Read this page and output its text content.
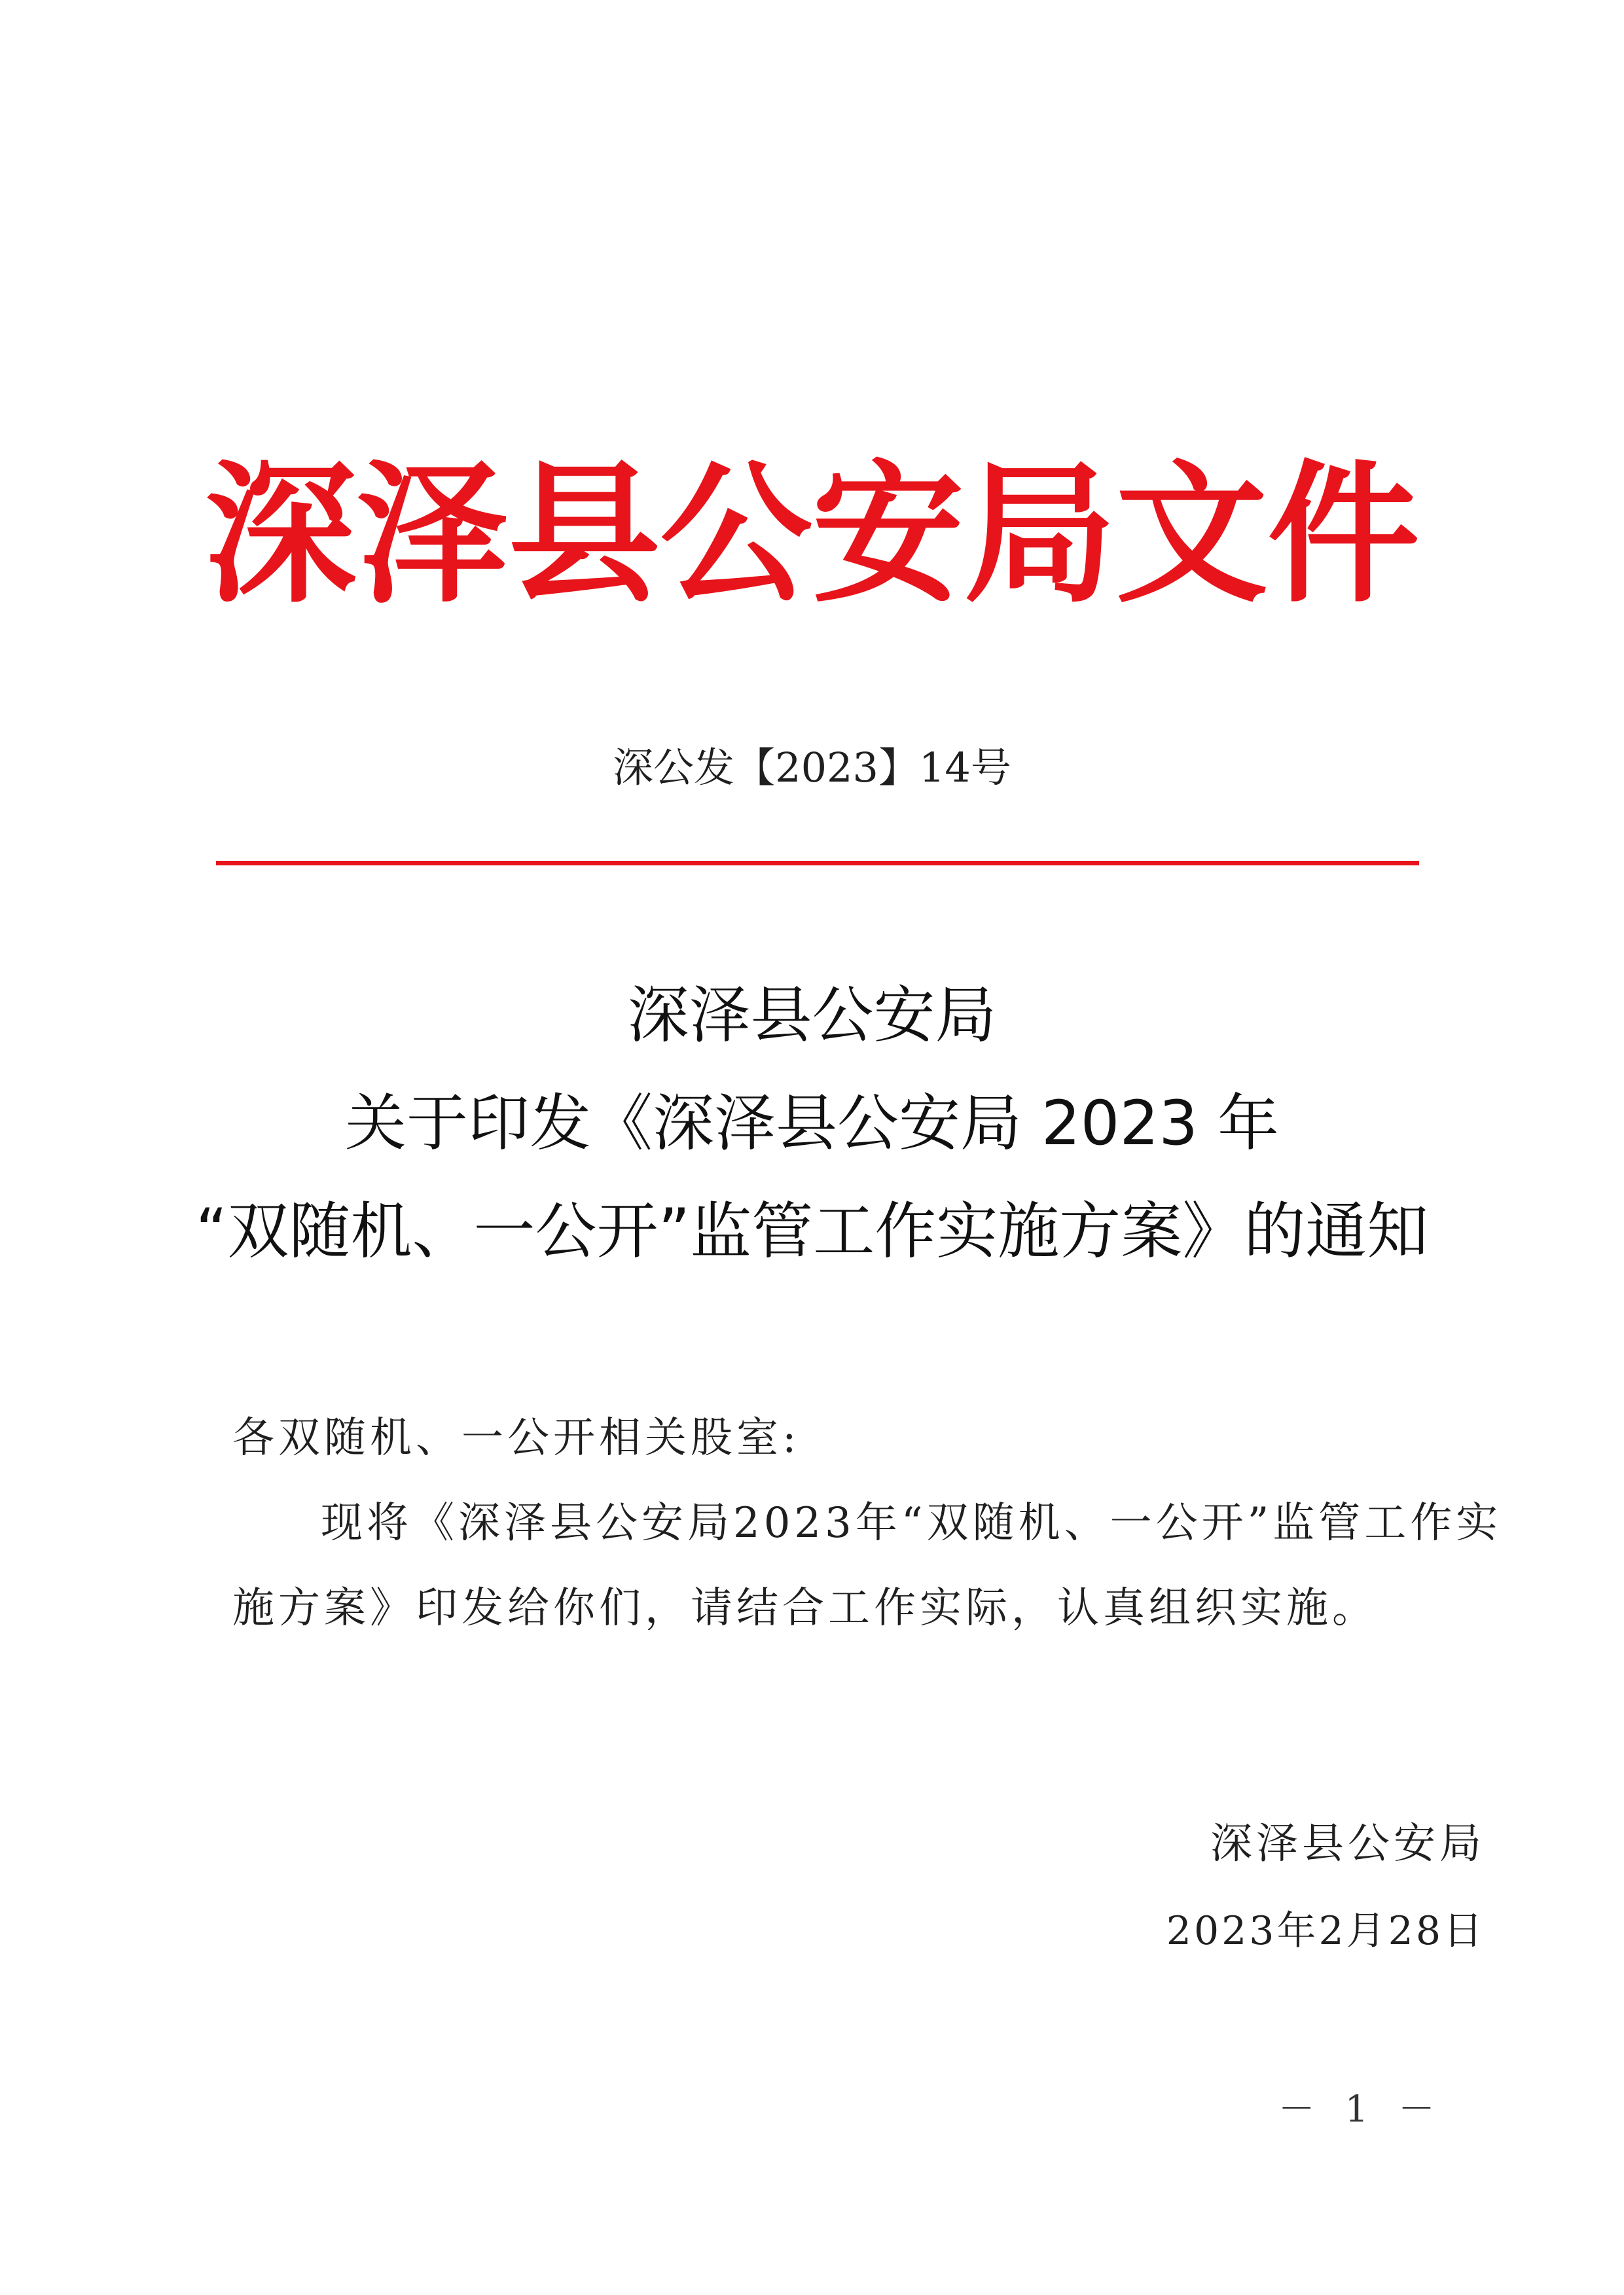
深泽县公安局文件
深公发【2023】14号
深泽县公安局
关于印发《深泽县公安局 2023 年
“双随机、一公开”监管工作实施方案》的通知
各双随机、一公开相关股室:
现将《深泽县公安局2023年“双随机、一公开”监管工作实
施方案》印发给你们，请结合工作实际，认真组织实施。
深泽县公安局
2023年2月28日
－ 1 －
